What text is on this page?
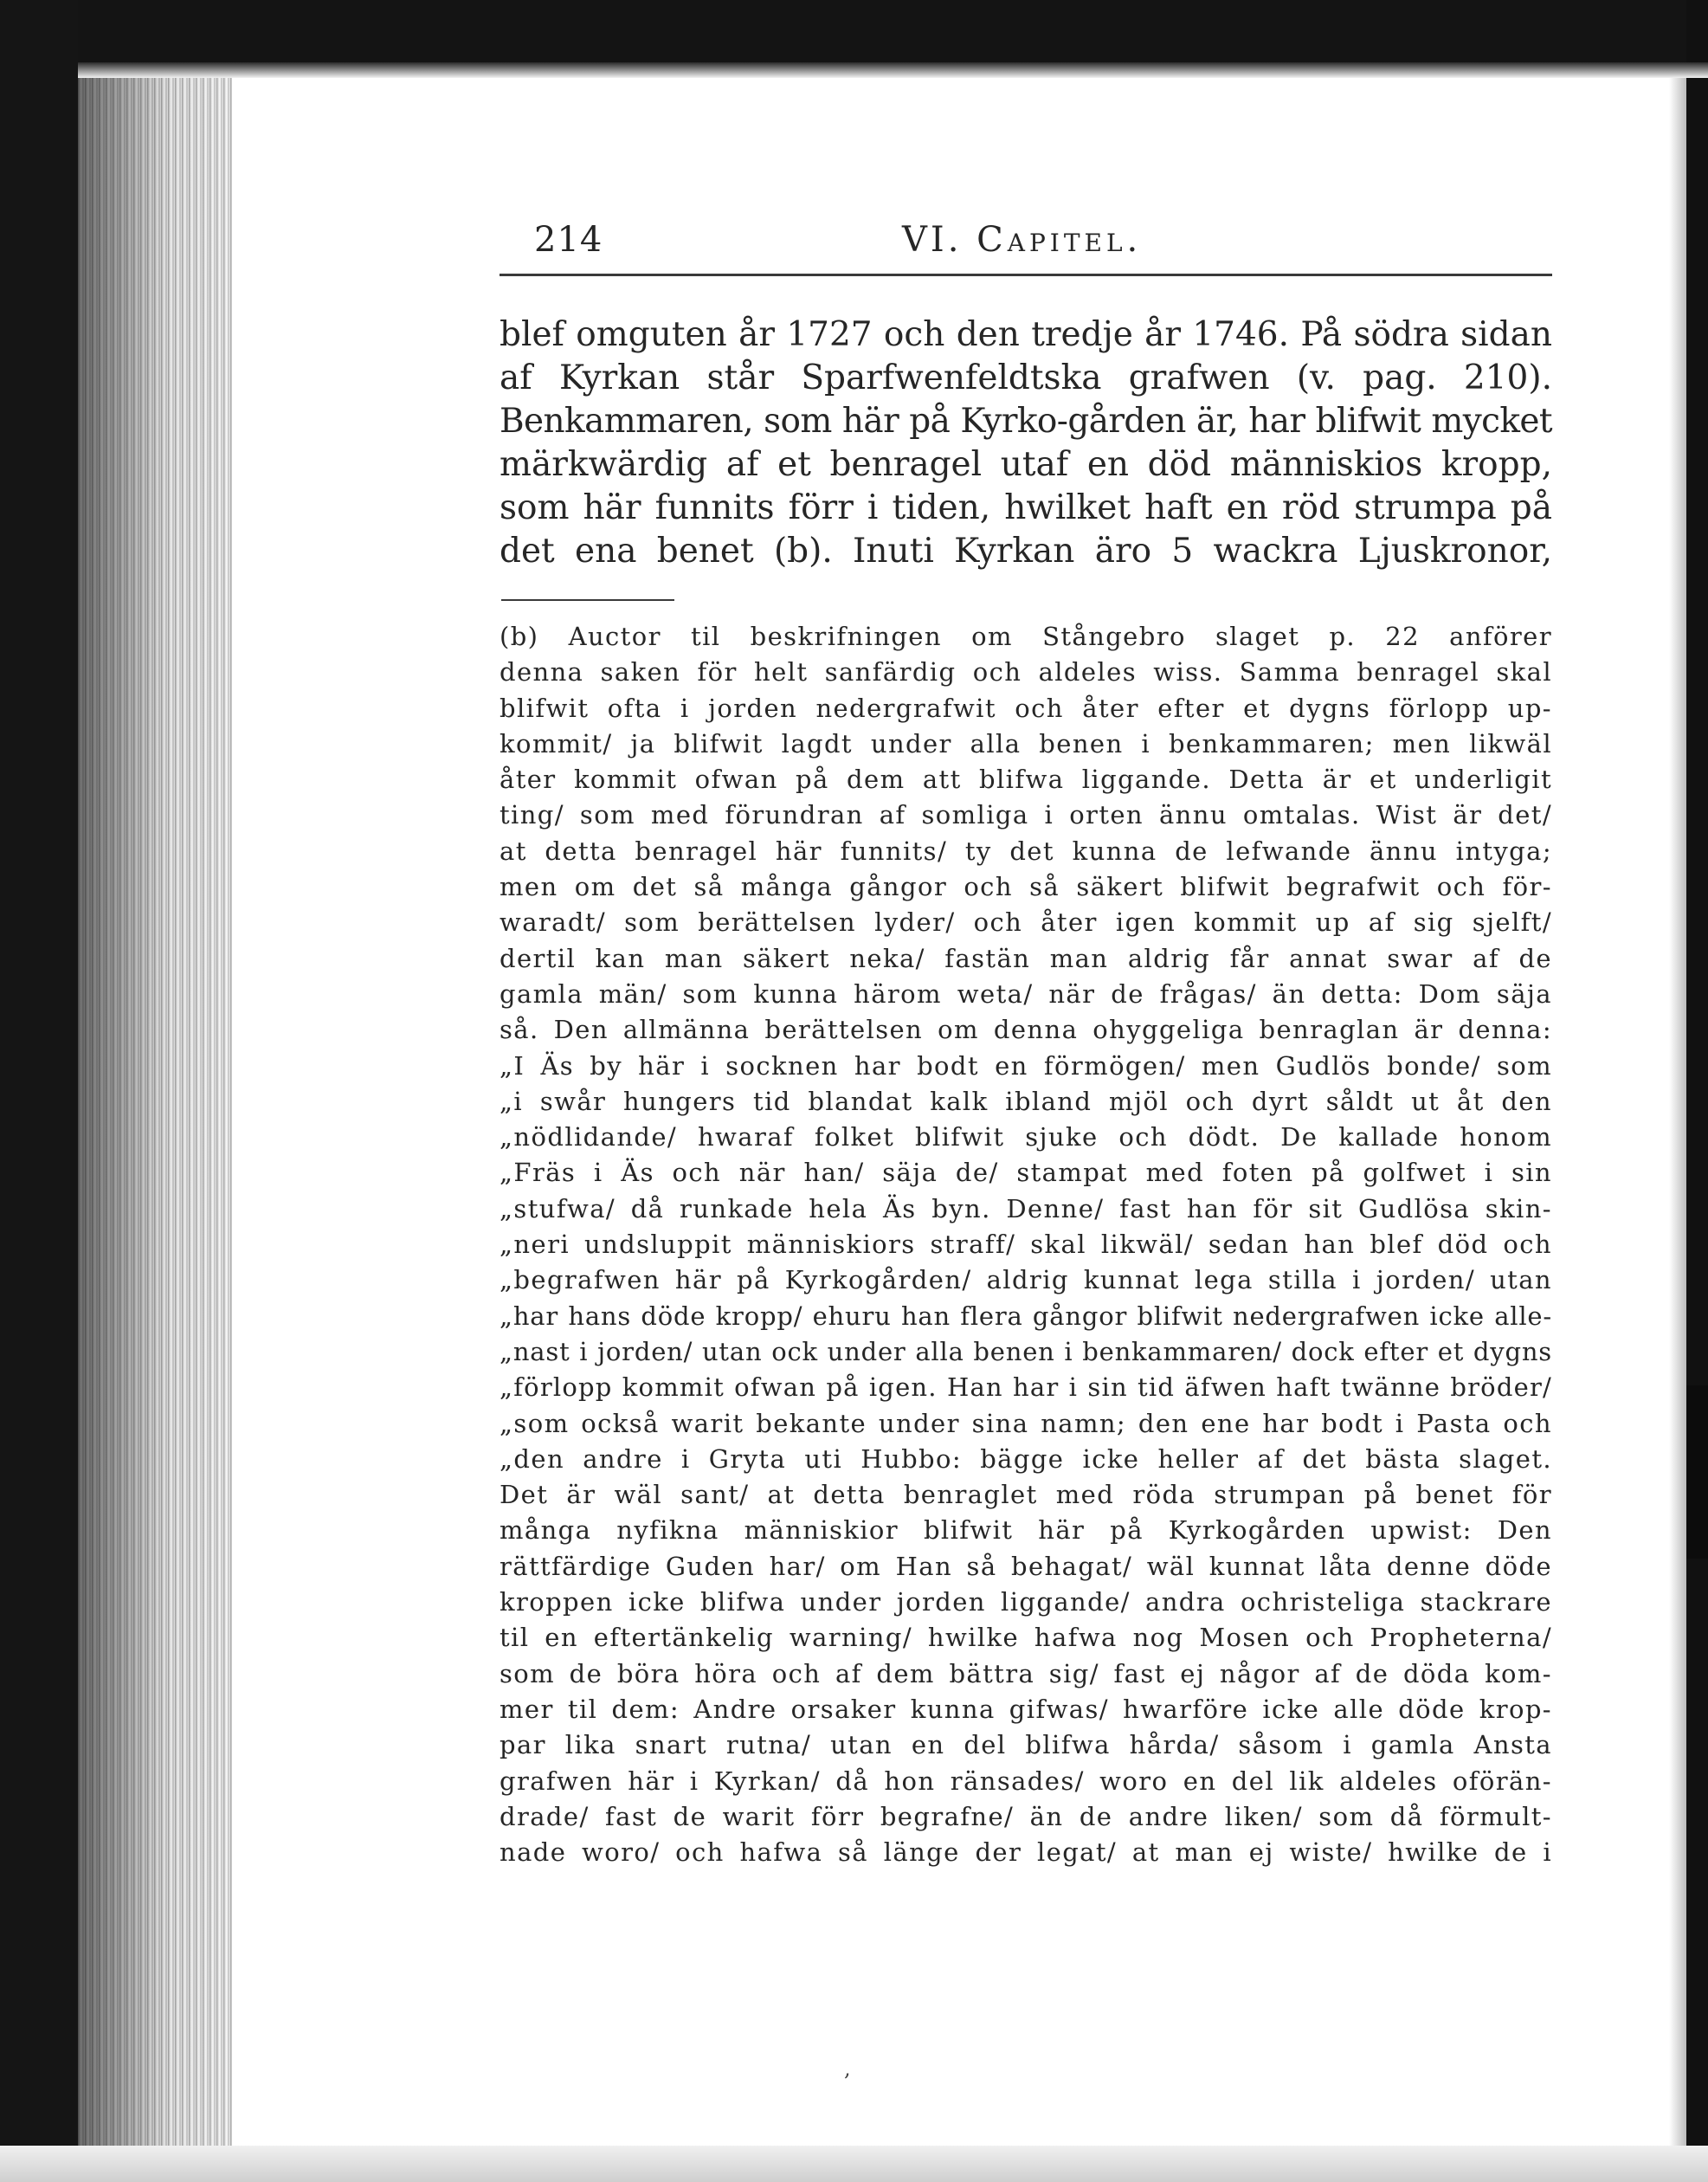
214	VI. Capitel.
blef omguten år 1727 och den tredje år 1746. På södra sidan
af Kyrkan står Sparfwenfeldtska grafwen (v. pag. 210).
Benkammaren, som här på Kyrko-gården är, har blifwit mycket
märkwärdig af et benragel utaf en död människios kropp,
som här funnits förr i tiden, hwilket haft en röd strumpa på
det ena benet (b). Inuti Kyrkan äro 5 wackra Ljuskronor,
(b) Auctor til beskrifningen om Stångebro slaget p. 22 anförer
denna saken för helt sanfärdig och aldeles wiss. Samma benragel skal
blifwit ofta i jorden nedergrafwit och åter efter et dygns förlopp up-
kommit/ ja blifwit lagdt under alla benen i benkammaren; men likwäl
åter kommit ofwan på dem att blifwa liggande. Detta är et underligit
ting/ som med förundran af somliga i orten ännu omtalas. Wist är det/
at detta benragel här funnits/ ty det kunna de lefwande ännu intyga;
men om det så många gångor och så säkert blifwit begrafwit och för-
waradt/ som berättelsen lyder/ och åter igen kommit up af sig sjelft/
dertil kan man säkert neka/ fastän man aldrig får annat swar af de
gamla män/ som kunna härom weta/ när de frågas/ än detta: Dom säja
så. Den allmänna berättelsen om denna ohyggeliga benraglan är denna:
„I Äs by här i socknen har bodt en förmögen/ men Gudlös bonde/ som
„i swår hungers tid blandat kalk ibland mjöl och dyrt såldt ut åt den
„nödlidande/ hwaraf folket blifwit sjuke och dödt. De kallade honom
„Fräs i Äs och när han/ säja de/ stampat med foten på golfwet i sin
„stufwa/ då runkade hela Äs byn. Denne/ fast han för sit Gudlösa skin-
„neri undsluppit människiors straff/ skal likwäl/ sedan han blef död och
„begrafwen här på Kyrkogården/ aldrig kunnat lega stilla i jorden/ utan
„har hans döde kropp/ ehuru han flera gångor blifwit nedergrafwen icke alle-
„nast i jorden/ utan ock under alla benen i benkammaren/ dock efter et dygns
„förlopp kommit ofwan på igen. Han har i sin tid äfwen haft twänne bröder/
„som också warit bekante under sina namn; den ene har bodt i Pasta och
„den andre i Gryta uti Hubbo: bägge icke heller af det bästa slaget.
Det är wäl sant/ at detta benraglet med röda strumpan på benet för
många nyfikna människior blifwit här på Kyrkogården upwist: Den
rättfärdige Guden har/ om Han så behagat/ wäl kunnat låta denne döde
kroppen icke blifwa under jorden liggande/ andra ochristeliga stackrare
til en eftertänkelig warning/ hwilke hafwa nog Mosen och Propheterna/
som de böra höra och af dem bättra sig/ fast ej någor af de döda kom-
mer til dem: Andre orsaker kunna gifwas/ hwarföre icke alle döde krop-
par lika snart rutna/ utan en del blifwa hårda/ såsom i gamla Ansta
grafwen här i Kyrkan/ då hon ränsades/ woro en del lik aldeles oförän-
drade/ fast de warit förr begrafne/ än de andre liken/ som då förmult-
nade woro/ och hafwa så länge der legat/ at man ej wiste/ hwilke de i
,
